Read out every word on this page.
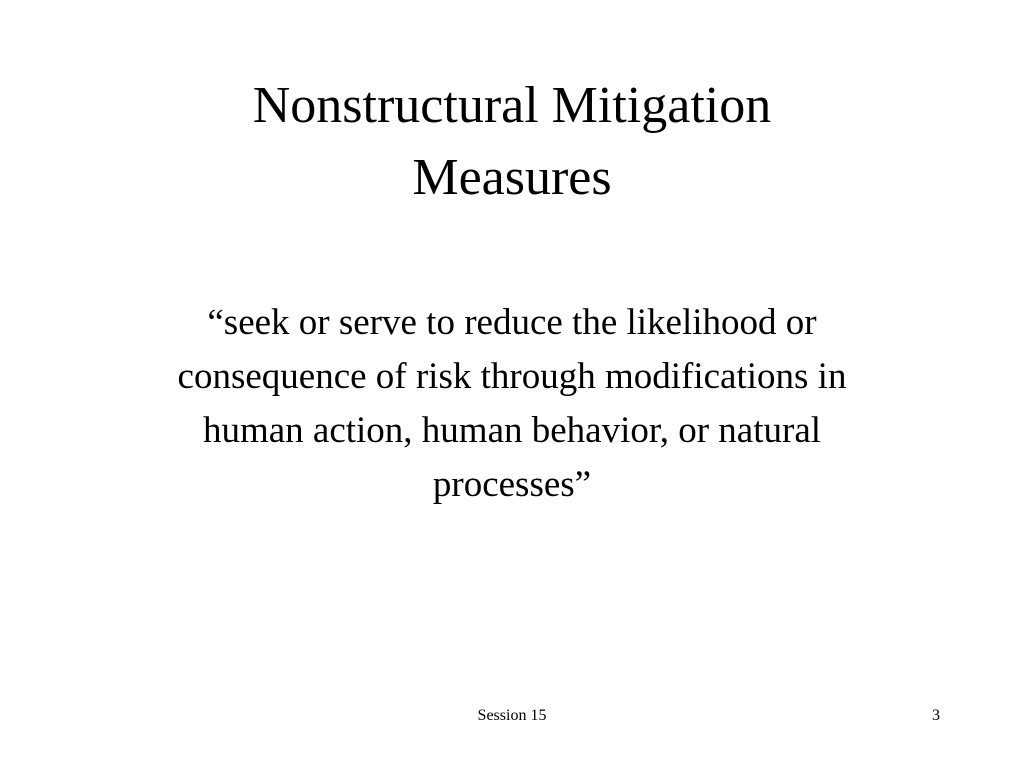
Nonstructural Mitigation
Measures
“seek or serve to reduce the likelihood or
consequence of risk through modifications in
human action, human behavior, or natural
processes”
Session 15	3
